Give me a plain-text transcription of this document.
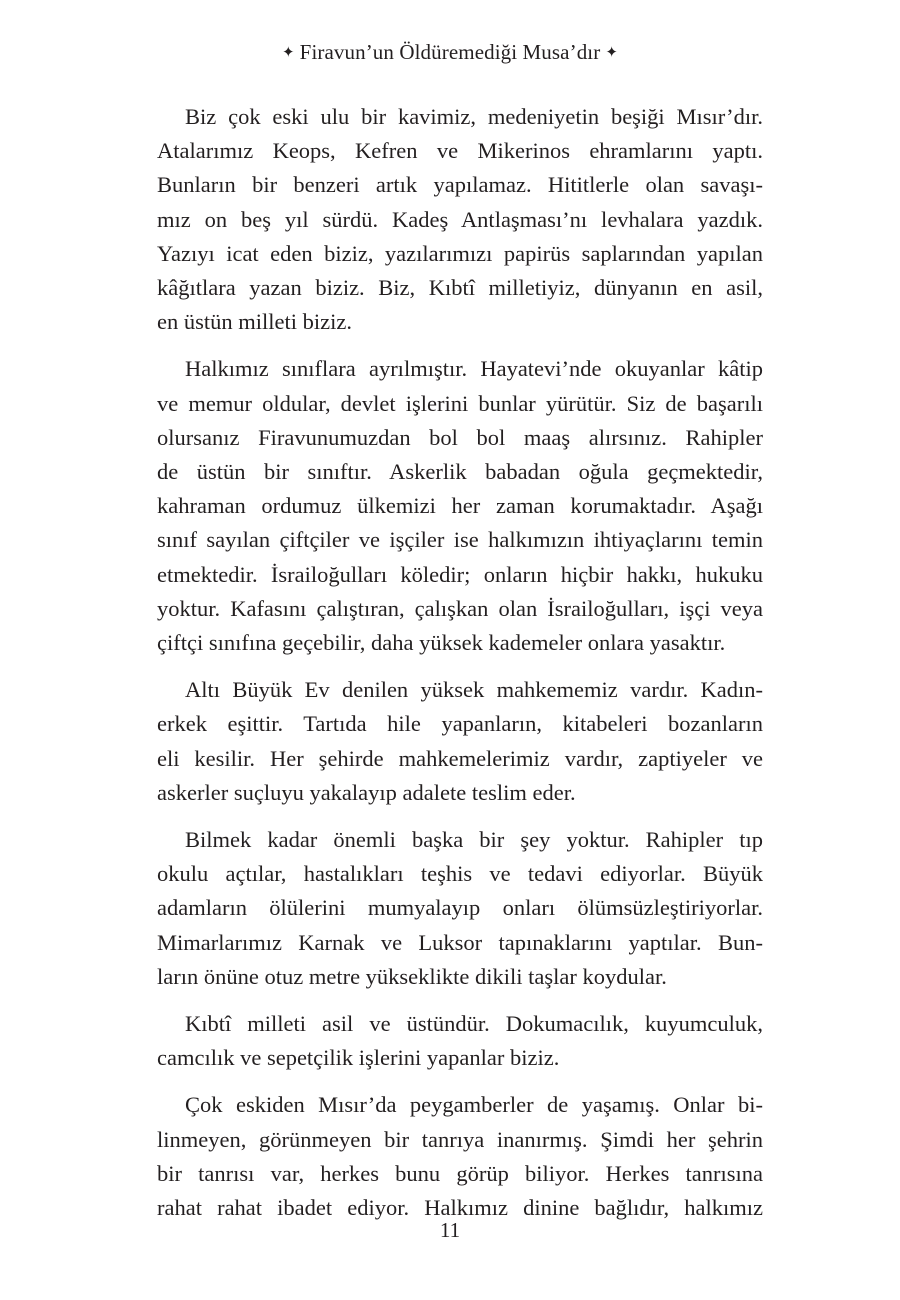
✦ Firavun’un Öldüremediği Musa’dır ✦
Biz çok eski ulu bir kavimiz, medeniyetin beşiği Mısır’dır.
Atalarımız Keops, Kefren ve Mikerinos ehramlarını yaptı.
Bunların bir benzeri artık yapılamaz. Hititlerle olan savaşı-
mız on beş yıl sürdü. Kadeş Antlaşması’nı levhalara yazdık.
Yazıyı icat eden biziz, yazılarımızı papirüs saplarından yapılan
kâğıtlara yazan biziz. Biz, Kıbtî milletiyiz, dünyanın en asil,
en üstün milleti biziz.
Halkımız sınıflara ayrılmıştır. Hayatevi’nde okuyanlar kâtip
ve memur oldular, devlet işlerini bunlar yürütür. Siz de başarılı
olursanız Firavunumuzdan bol bol maaş alırsınız. Rahipler
de üstün bir sınıftır. Askerlik babadan oğula geçmektedir,
kahraman ordumuz ülkemizi her zaman korumaktadır. Aşağı
sınıf sayılan çiftçiler ve işçiler ise halkımızın ihtiyaçlarını temin
etmektedir. İsrailoğulları köledir; onların hiçbir hakkı, hukuku
yoktur. Kafasını çalıştıran, çalışkan olan İsrailoğulları, işçi veya
çiftçi sınıfına geçebilir, daha yüksek kademeler onlara yasaktır.
Altı Büyük Ev denilen yüksek mahkememiz vardır. Kadın-
erkek eşittir. Tartıda hile yapanların, kitabeleri bozanların
eli kesilir. Her şehirde mahkemelerimiz vardır, zaptiyeler ve
askerler suçluyu yakalayıp adalete teslim eder.
Bilmek kadar önemli başka bir şey yoktur. Rahipler tıp
okulu açtılar, hastalıkları teşhis ve tedavi ediyorlar. Büyük
adamların ölülerini mumyalayıp onları ölümsüzleştiriyorlar.
Mimarlarımız Karnak ve Luksor tapınaklarını yaptılar. Bun-
ların önüne otuz metre yükseklikte dikili taşlar koydular.
Kıbtî milleti asil ve üstündür. Dokumacılık, kuyumculuk,
camcılık ve sepetçilik işlerini yapanlar biziz.
Çok eskiden Mısır’da peygamberler de yaşamış. Onlar bi-
linmeyen, görünmeyen bir tanrıya inanırmış. Şimdi her şehrin
bir tanrısı var, herkes bunu görüp biliyor. Herkes tanrısına
rahat rahat ibadet ediyor. Halkımız dinine bağlıdır, halkımız
11
